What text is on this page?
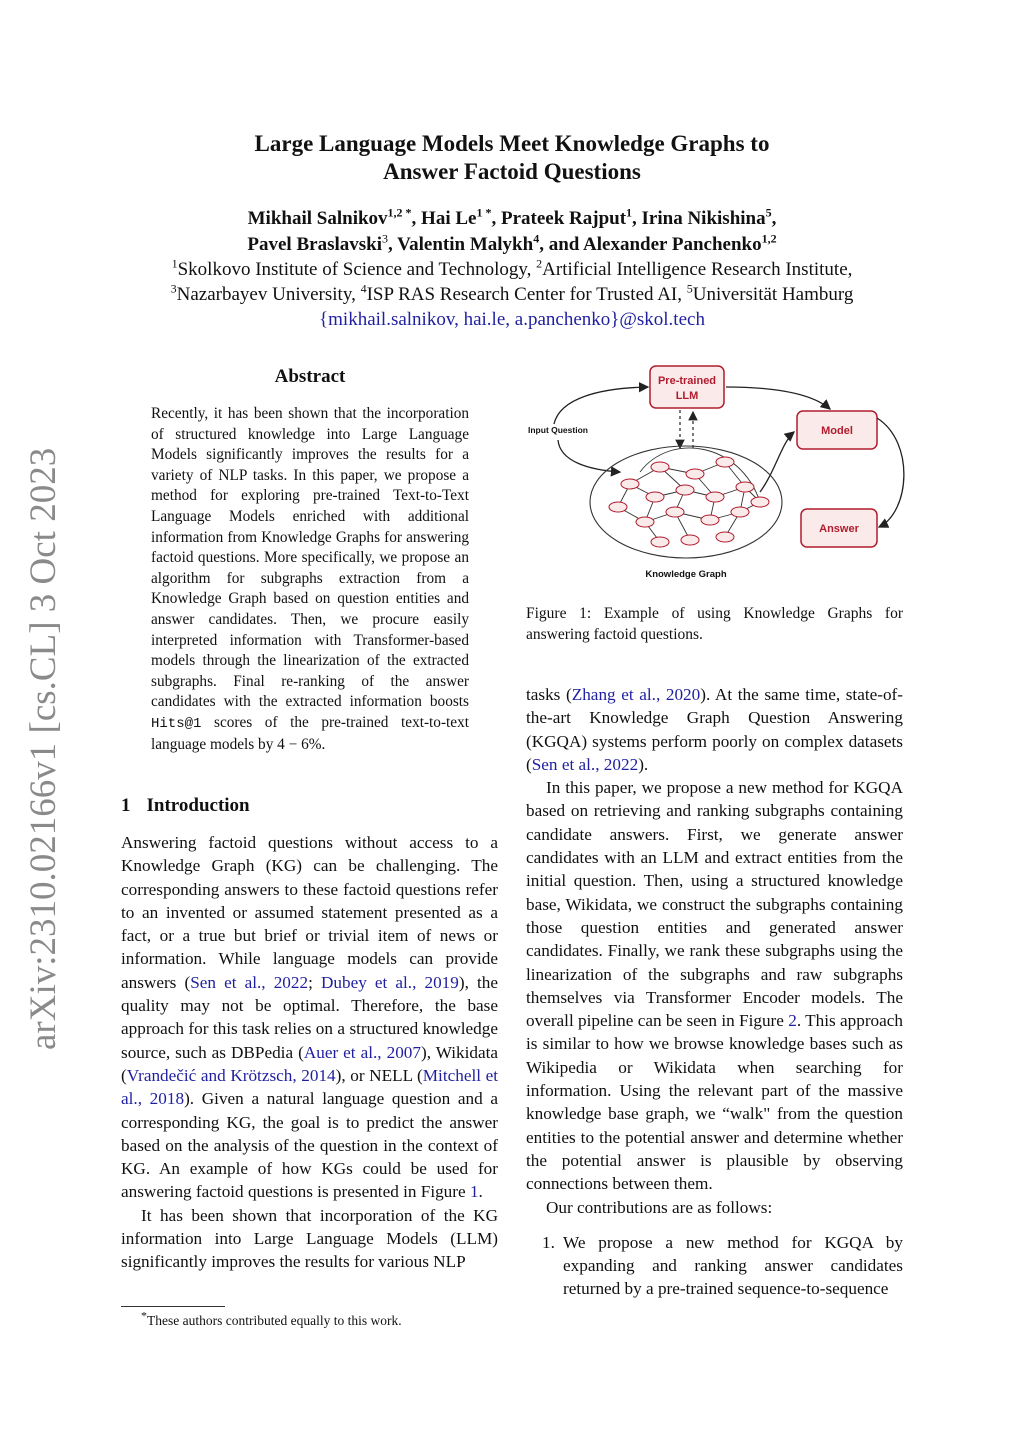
arXiv:2310.02166v1 [cs.CL] 3 Oct 2023
Large Language Models Meet Knowledge Graphs to
Answer Factoid Questions
Mikhail Salnikov$^{1,2 *}$, Hai $Le^{1 *}$, Prateek Rajput$^1$, Irina Nikishina$^5$,
Pavel Braslavski$^3$, Valentin Malykh$^4$, and Alexander Panchenko$^{1,2}$
$^1$Skolkovo Institute of Science and Technology, $^2$Artificial Intelligence Research Institute,
$^3$Nazarbayev University, $^4$ISP RAS Research Center for Trusted AI, $^5$Universität Hamburg
{mikhail.salnikov, hai.le, a.panchenko}@skol.tech
Abstract
Recently, it has been shown that the incorporation of structured knowledge into Large Language Models significantly improves the results for a variety of NLP tasks. In this paper, we propose a method for exploring pre-trained Text-to-Text Language Models enriched with additional information from Knowledge Graphs for answering factoid questions. More specifically, we propose an algorithm for subgraphs extraction from a Knowledge Graph based on question entities and answer candidates. Then, we procure easily interpreted information with Transformer-based models through the linearization of the extracted subgraphs. Final re-ranking of the answer candidates with the extracted information boosts Hits@1 scores of the pre-trained text-to-text language models by 4 − 6%.
1 Introduction

Answering factoid questions without access to a Knowledge Graph (KG) can be challenging. The corresponding answers to these factoid questions refer to an invented or assumed statement presented as a fact, or a true but brief or trivial item of news or information. While language models can provide answers (Sen et al., 2022; Dubey et al., 2019), the quality may not be optimal. Therefore, the base approach for this task relies on a structured knowledge source, such as DBPedia (Auer et al., 2007), Wikidata (Vrandečić and Krötzsch, 2014), or NELL (Mitchell et al., 2018). Given a natural language question and a corresponding KG, the goal is to predict the answer based on the analysis of the question in the context of KG. An example of how KGs could be used for answering factoid questions is presented in Figure 1.

It has been shown that incorporation of the KG information into Large Language Models (LLM) significantly improves the results for various NLP

*These authors contributed equally to this work.
Pre-trained
LLM
Model
Answer
Input Question
Knowledge Graph
Figure 1: Example of using Knowledge Graphs for answering factoid questions.

tasks (Zhang et al., 2020). At the same time, state-of-the-art Knowledge Graph Question Answering (KGQA) systems perform poorly on complex datasets (Sen et al., 2022).

In this paper, we propose a new method for KGQA based on retrieving and ranking subgraphs containing candidate answers. First, we generate answer candidates with an LLM and extract entities from the initial question. Then, using a structured knowledge base, Wikidata, we construct the subgraphs containing those question entities and generated answer candidates. Finally, we rank these subgraphs using the linearization of the subgraphs and raw subgraphs themselves via Transformer Encoder models. The overall pipeline can be seen in Figure 2. This approach is similar to how we browse knowledge bases such as Wikipedia or Wikidata when searching for information. Using the relevant part of the massive knowledge base graph, we “walk" from the question entities to the potential answer and determine whether the potential answer is plausible by observing connections between them.

Our contributions are as follows:

1. We propose a new method for KGQA by expanding and ranking answer candidates returned by a pre-trained sequence-to-sequence
